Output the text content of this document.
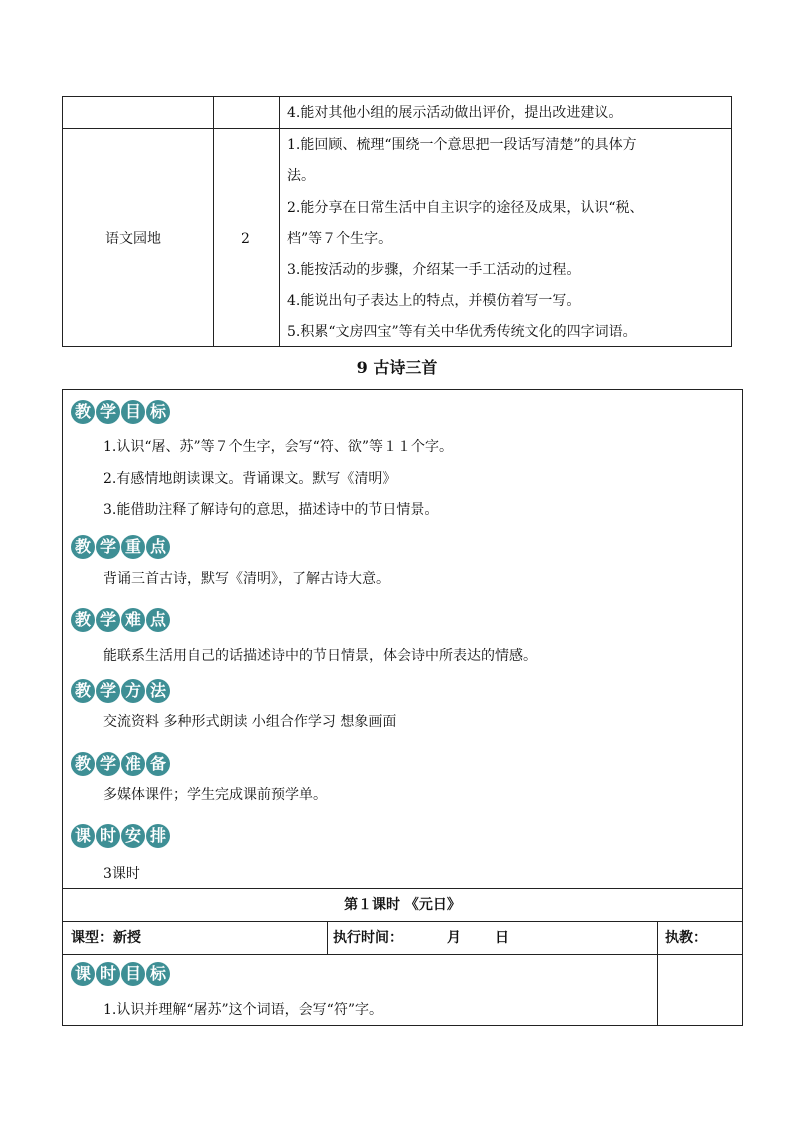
4.能对其他小组的展示活动做出评价，提出改进建议。
语文园地	2
1.能回顾、梳理“围绕一个意思把一段话写清楚”的具体方
法。
2.能分享在日常生活中自主识字的途径及成果，认识“税、
档”等７个生字。
3.能按活动的步骤，介绍某一手工活动的过程。
4.能说出句子表达上的特点，并模仿着写一写。
5.积累“文房四宝”等有关中华优秀传统文化的四字词语。
9 古诗三首
教 学 目 标
1.认识“屠、苏”等７个生字，会写“符、欲”等１１个字。
2.有感情地朗读课文。背诵课文。默写《清明》
3.能借助注释了解诗句的意思，描述诗中的节日情景。
教 学 重 点
背诵三首古诗，默写《清明》，了解古诗大意。
教 学 难 点
能联系生活用自己的话描述诗中的节日情景，体会诗中所表达的情感。
教 学 方 法
交流资料 多种形式朗读 小组合作学习 想象画面
教 学 准 备
多媒体课件；学生完成课前预学单。
课 时 安 排
3课时
第１课时 《元日》
课型：新授	执行时间：	月 日	执教：
课 时 目 标
1.认识并理解“屠苏”这个词语，会写“符”字。
